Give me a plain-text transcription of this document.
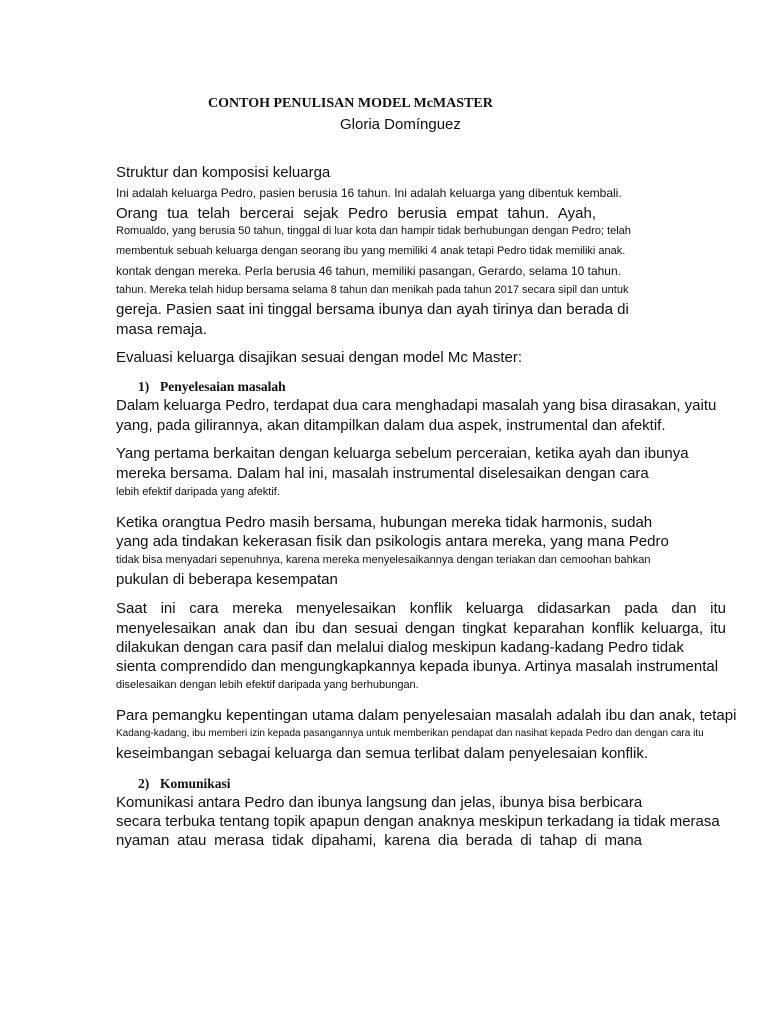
CONTOH PENULISAN MODEL McMASTER
Gloria Domínguez
Struktur dan komposisi keluarga
Ini adalah keluarga Pedro, pasien berusia 16 tahun. Ini adalah keluarga yang dibentuk kembali.
Orang tua telah bercerai sejak Pedro berusia empat tahun. Ayah,
Romualdo, yang berusia 50 tahun, tinggal di luar kota dan hampir tidak berhubungan dengan Pedro; telah
membentuk sebuah keluarga dengan seorang ibu yang memiliki 4 anak tetapi Pedro tidak memiliki anak.
kontak dengan mereka. Perla berusia 46 tahun, memiliki pasangan, Gerardo, selama 10 tahun.
tahun. Mereka telah hidup bersama selama 8 tahun dan menikah pada tahun 2017 secara sipil dan untuk
gereja. Pasien saat ini tinggal bersama ibunya dan ayah tirinya dan berada di
masa remaja.
Evaluasi keluarga disajikan sesuai dengan model Mc Master:
1) Penyelesaian masalah
Dalam keluarga Pedro, terdapat dua cara menghadapi masalah yang bisa dirasakan, yaitu
yang, pada gilirannya, akan ditampilkan dalam dua aspek, instrumental dan afektif.
Yang pertama berkaitan dengan keluarga sebelum perceraian, ketika ayah dan ibunya
mereka bersama. Dalam hal ini, masalah instrumental diselesaikan dengan cara
lebih efektif daripada yang afektif.
Ketika orangtua Pedro masih bersama, hubungan mereka tidak harmonis, sudah
yang ada tindakan kekerasan fisik dan psikologis antara mereka, yang mana Pedro
tidak bisa menyadari sepenuhnya, karena mereka menyelesaikannya dengan teriakan dan cemoohan bahkan
pukulan di beberapa kesempatan
Saat ini cara mereka menyelesaikan konflik keluarga didasarkan pada dan itu
menyelesaikan anak dan ibu dan sesuai dengan tingkat keparahan konflik keluarga, itu
dilakukan dengan cara pasif dan melalui dialog meskipun kadang-kadang Pedro tidak
sienta comprendido dan mengungkapkannya kepada ibunya. Artinya masalah instrumental
diselesaikan dengan lebih efektif daripada yang berhubungan.
Para pemangku kepentingan utama dalam penyelesaian masalah adalah ibu dan anak, tetapi
Kadang-kadang, ibu memberi izin kepada pasangannya untuk memberikan pendapat dan nasihat kepada Pedro dan dengan cara itu
keseimbangan sebagai keluarga dan semua terlibat dalam penyelesaian konflik.
2) Komunikasi
Komunikasi antara Pedro dan ibunya langsung dan jelas, ibunya bisa berbicara
secara terbuka tentang topik apapun dengan anaknya meskipun terkadang ia tidak merasa
nyaman atau merasa tidak dipahami, karena dia berada di tahap di mana
